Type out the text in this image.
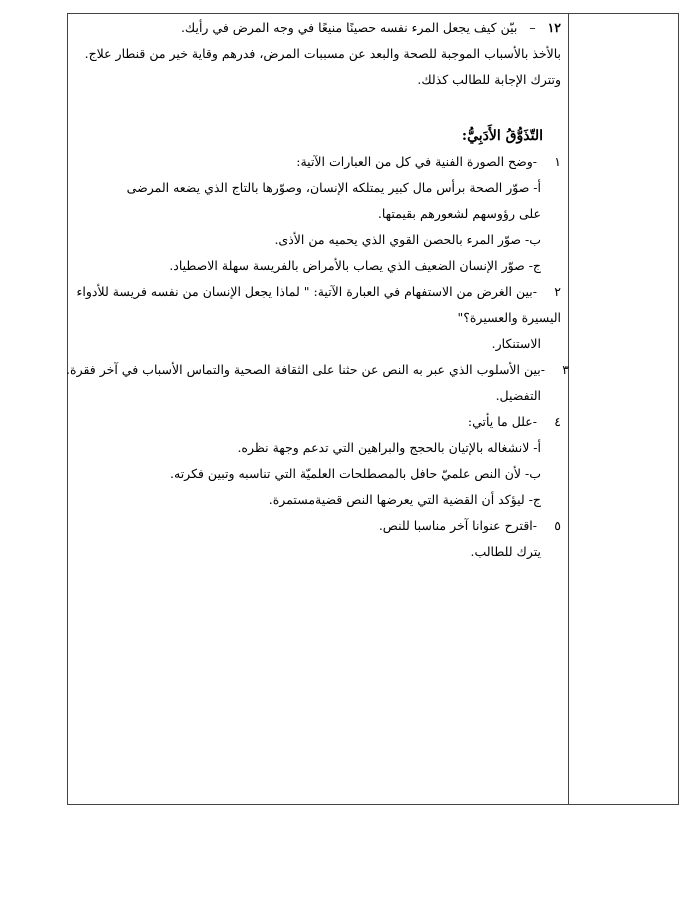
١٢ – بيّن كيف يجعل المرء نفسه حصينًا منيعًا في وجه المرض في رأيك.
بالأخذ بالأسباب الموجبة للصحة والبعد عن مسببات المرض، فدرهم وقاية خير من قنطار علاج.
وتترك الإجابة للطالب كذلك.
التّذَوُّقُ الأَدَبِيُّ:
١-وضح الصورة الفنية في كل من العبارات الآتية:
أ- صوّر الصحة برأس مال كبير يمتلكه الإنسان، وصوّرها بالتاج الذي يضعه المرضى على رؤوسهم لشعورهم بقيمتها.
ب- صوّر المرء بالحصن القوي الذي يحميه من الأذى.
ج- صوّر الإنسان الضعيف الذي يصاب بالأمراض بالفريسة سهلة الاصطياد.
٢-بين الغرض من الاستفهام في العبارة الآتية: " لماذا يجعل الإنسان من نفسه فريسة للأدواء اليسيرة والعسيرة؟"
الاستنكار.
٣-بين الأسلوب الذي عبر به النص عن حثنا على الثقافة الصحية والتماس الأسباب في آخر فقرة.
التفضيل.
٤-علل ما يأتي:
أ- لانشغاله بالإتيان بالحجج والبراهين التي تدعم وجهة نظره.
ب- لأن النص علميّ حافل بالمصطلحات العلميّة التي تناسبه وتبين فكرته.
ج- ليؤكد أن القضية التي يعرضها النص قضيةمستمرة.
٥-اقترح عنوانا آخر مناسبا للنص.
يترك للطالب.
